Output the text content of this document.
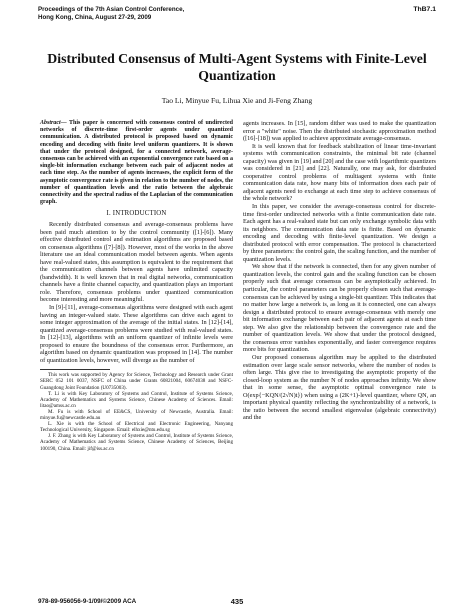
Proceedings of the 7th Asian Control Conference,
Hong Kong, China, August 27-29, 2009
ThB7.1
Distributed Consensus of Multi-Agent Systems with Finite-Level
Quantization
Tao Li, Minyue Fu, Lihua Xie and Ji-Feng Zhang
Abstract— This paper is concerned with consensus control of undirected networks of discrete-time first-order agents under quantized communication. A distributed protocol is proposed based on dynamic encoding and decoding with finite level uniform quantizers. It is shown that under the protocol designed, for a connected network, average-consensus can be achieved with an exponential convergence rate based on a single-bit information exchange between each pair of adjacent nodes at each time step. As the number of agents increases, the explicit form of the asymptotic convergence rate is given in relation to the number of nodes, the number of quantization levels and the ratio between the algebraic connectivity and the spectral radius of the Laplacian of the communication graph.
I. INTRODUCTION

Recently distributed consensus and average-consensus problems have been paid much attention to by the control community ([1]-[6]). Many effective distributed control and estimation algorithms are proposed based on consensus algorithms ([7]-[8]). However, most of the works in the above literature use an ideal communication model between agents. When agents have real-valued states, this assumption is equivalent to the requirement that the communication channels between agents have unlimited capacity (bandwidth). It is well known that in real digital networks, communication channels have a finite channel capacity, and quantization plays an important role. Therefore, consensus problems under quantized communication become interesting and more meaningful.

In [9]-[11], average-consensus algorithms were designed with each agent having an integer-valued state. These algorithms can drive each agent to some integer approximation of the average of the initial states. In [12]-[14], quantized average-consensus problems were studied with real-valued states. In [12]-[13], algorithms with an uniform quantizer of infinite levels were proposed to ensure the boundness of the consensus error. Furthermore, an algorithm based on dynamic quantization was proposed in [14]. The number of quantization levels, however, will diverge as the number of

This work was supported by Agency for Science, Technology and Research under Grant SERC 052 101 0037, NSFC of China under Grants 60821004, 60674038 and NSFC-Guangdong Joint Foundation (U0735003).
T. Li is with Key Laboratory of Systems and Control, Institute of Systems Science, Academy of Mathematics and Systems Science, Chinese Academy of Sciences. Email: litao@amss.ac.cn
M. Fu is with School of EE&CS, University of Newcastle, Australia. Email: minyue.fu@newcastle.edu.au
L. Xie is with the School of Electrical and Electronic Engineering, Nanyang Technological University, Singapore. Email: elhxie@ntu.edu.sg
J. F. Zhang is with Key Laboratory of Systems and Control, Institute of Systems Science, Academy of Mathematics and Systems Science, Chinese Academy of Sciences, Beijing 100190, China. Email: jif@iss.ac.cn

agents increases. In [15], random dither was used to make the quantization error a "white" noise. Then the distributed stochastic approximation method ([16]-[18]) was applied to achieve approximate average-consensus.

It is well known that for feedback stabilization of linear time-invariant systems with communication constraints, the minimal bit rate (channel capacity) was given in [19] and [20] and the case with logarithmic quantizers was considered in [21] and [22]. Naturally, one may ask, for distributed cooperative control problems of multiagent systems with finite communication data rate, how many bits of information does each pair of adjacent agents need to exchange at each time step to achieve consensus of the whole network?

In this paper, we consider the average-consensus control for discrete-time first-order undirected networks with a finite communication date rate. Each agent has a real-valued state but can only exchange symbolic data with its neighbors. The communication data rate is finite. Based on dynamic encoding and decoding with finite-level quantization. We design a distributed protocol with error compensation. The protocol is characterized by three parameters: the control gain, the scaling function, and the number of quantization levels.

We show that if the network is connected, then for any given number of quantization levels, the control gain and the scaling function can be chosen properly such that average consensus can be asymptotically achieved. In particular, the control parameters can be properly chosen such that average-consensus can be achieved by using a single-bit quantizer. This indicates that no matter how large a network is, as long as it is connected, one can always design a distributed protocol to ensure average-consensus with merely one bit information exchange between each pair of adjacent agents at each time step. We also give the relationship between the convergence rate and the number of quantization levels. We show that under the protocol designed, the consensus error vanishes exponentially, and faster convergence requires more bits for quantization.

Our proposed consensus algorithm may be applied to the distributed estimation over large scale sensor networks, where the number of nodes is often large. This give rise to investigating the asymptotic property of the closed-loop system as the number N of nodes approaches infinity. We show that in some sense, the asymptotic optimal convergence rate is O(exp{−KQN/(2√N)t}) when using a (2K+1)-level quantizer, where QN, an important physical quantity reflecting the synchronizability of a network, is the ratio between the second smallest eigenvalue (algebraic connectivity) and the

978-89-956056-9-1/09/©2009 ACA	435
